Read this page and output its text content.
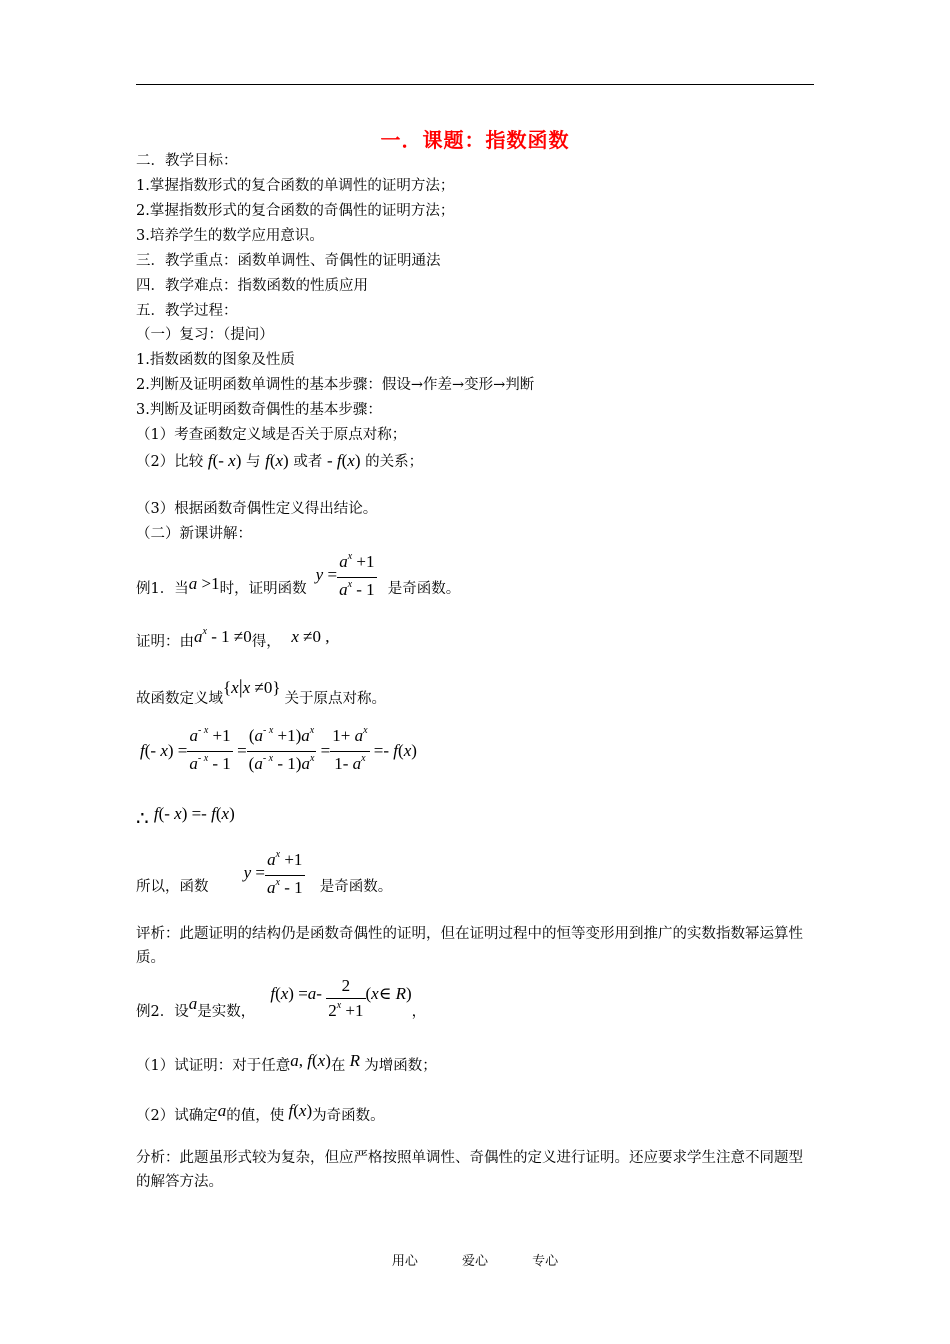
一．课题：指数函数
二．教学目标：
1.掌握指数形式的复合函数的单调性的证明方法；
2.掌握指数形式的复合函数的奇偶性的证明方法；
3.培养学生的数学应用意识。
三．教学重点：函数单调性、奇偶性的证明通法
四．教学难点：指数函数的性质应用
五．教学过程：
（一）复习：（提问）
1.指数函数的图象及性质
2.判断及证明函数单调性的基本步骤：假设→作差→变形→判断
3.判断及证明函数奇偶性的基本步骤：
（1）考查函数定义域是否关于原点对称；
（2）比较 f(- x) 与 f(x) 或者 - f(x) 的关系；
（3）根据函数奇偶性定义得出结论。
（二）新课讲解：
例1．当a >1时，证明函数 $y = \frac{a^x +1}{a^x - 1}$ 是奇函数。
证明：由$a^x - 1 \ne 0$得， x ≠0 ,
故函数定义域{x|x ≠0}关于原点对称。
f(- $x) = \frac{a^{- x} +1}{a^{- x} - 1} = \frac{(a^{- x} +1)a^x}{(a^{- x} - 1)a^x} = \frac{1+ a^x}{1- a^x} =- f(x)$
∴ f(- x) =- f(x)
所以，函数 $y = \frac{a^x +1}{a^x - 1}$ 是奇函数。
评析：此题证明的结构仍是函数奇偶性的证明，但在证明过程中的恒等变形用到推广的实数指数幂运算性质。
例2．设a是实数， $f(x) =a- \frac{2}{2^x +1}$ (x∈ R)，
（1）试证明：对于任意a, f(x)在 R 为增函数；
（2）试确定a的值，使 f(x)为奇函数。
分析：此题虽形式较为复杂，但应严格按照单调性、奇偶性的定义进行证明。还应要求学生注意不同题型的解答方法。
用心	爱心	专心
